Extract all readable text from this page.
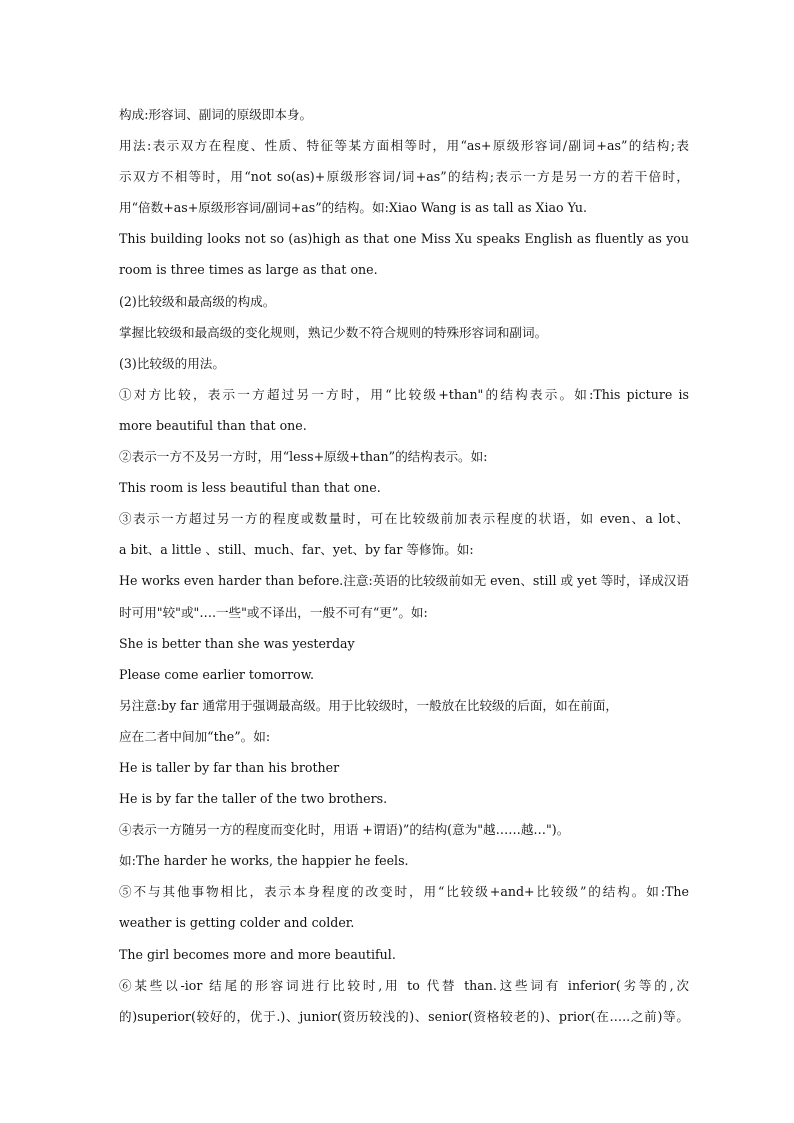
构成:形容词、副词的原级即本身。
用法:表示双方在程度、性质、特征等某方面相等时，用“as+原级形容词/副词+as”的结构;表
示双方不相等时，用“not so(as)+原级形容词/词+as”的结构;表示一方是另一方的若干倍时，
用“倍数+as+原级形容词/副词+as”的结构。如:Xiao Wang is as tall as Xiao Yu.
This building looks not so (as)high as that one Miss Xu speaks English as fluently as you
room is three times as large as that one.
(2)比较级和最高级的构成。
掌握比较级和最高级的变化规则，熟记少数不符合规则的特殊形容词和副词。
(3)比较级的用法。
①对方比较，表示一方超过另一方时，用“比较级+than"的结构表示。如:This picture is
more beautiful than that one.
②表示一方不及另一方时，用“less+原级+than”的结构表示。如:
This room is less beautiful than that one.
③表示一方超过另一方的程度或数量时，可在比较级前加表示程度的状语，如 even、a lot、
a bit、a little 、still、much、far、yet、by far 等修饰。如:
He works even harder than before.注意:英语的比较级前如无 even、still 或 yet 等时，译成汉语
时可用"较"或"….一些"或不译出，一般不可有“更”。如:
She is better than she was yesterday
Please come earlier tomorrow.
另注意:by far 通常用于强调最高级。用于比较级时，一般放在比较级的后面，如在前面，
应在二者中间加“the”。如:
He is taller by far than his brother
He is by far the taller of the two brothers.
④表示一方随另一方的程度而变化时，用语 +谓语)”的结构(意为"越……越…")。
如:The harder he works, the happier he feels.
⑤不与其他事物相比，表示本身程度的改变时，用“比较级+and+比较级”的结构。如:The
weather is getting colder and colder.
The girl becomes more and more beautiful.
⑥某些以-ior 结尾的形容词进行比较时,用 to 代替 than.这些词有 inferior(劣等的,次
的)superior(较好的，优于.)、junior(资历较浅的)、senior(资格较老的)、prior(在…..之前)等。
